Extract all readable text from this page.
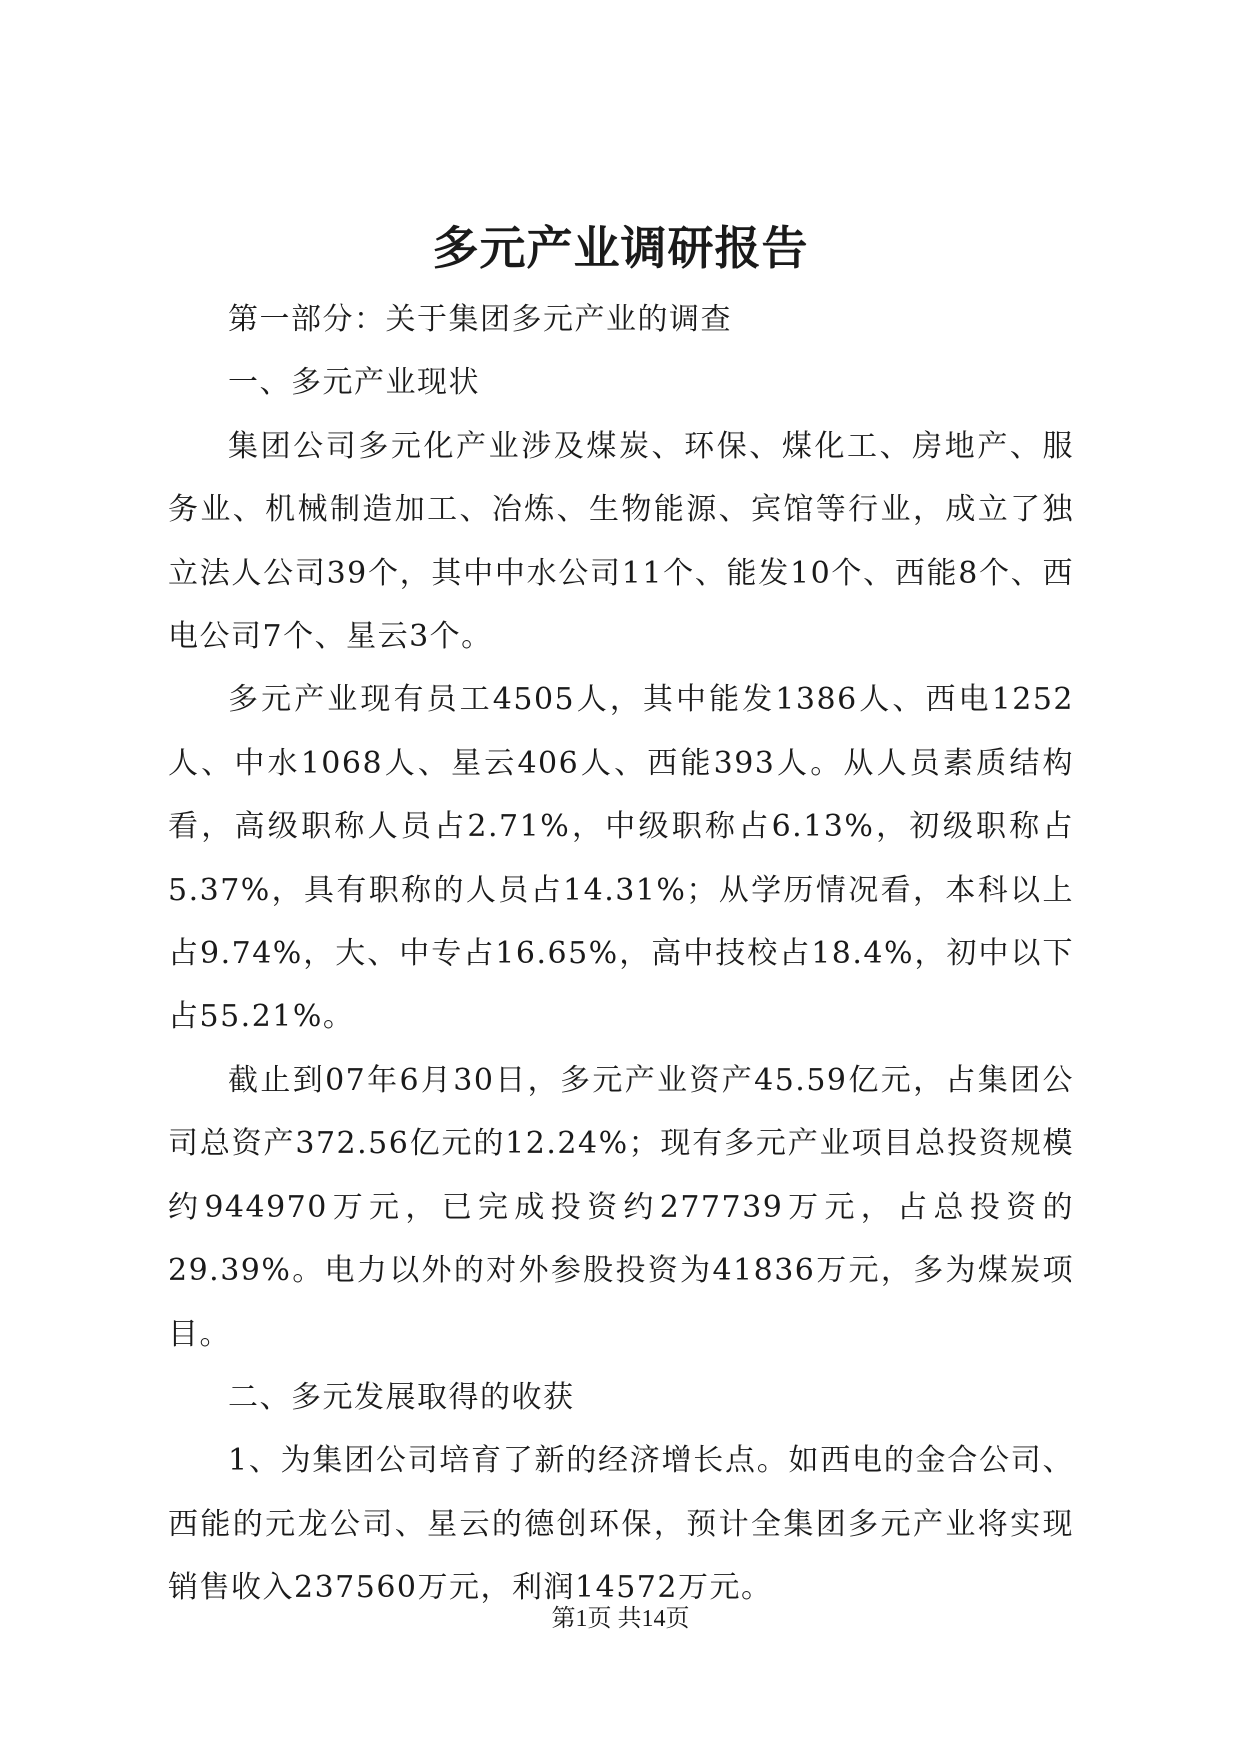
多元产业调研报告

第一部分：关于集团多元产业的调查

一、多元产业现状

集团公司多元化产业涉及煤炭、环保、煤化工、房地产、服务业、机械制造加工、冶炼、生物能源、宾馆等行业，成立了独立法人公司39个，其中中水公司11个、能发10个、西能8个、西电公司7个、星云3个。

多元产业现有员工4505人，其中能发1386人、西电1252人、中水1068人、星云406人、西能393人。从人员素质结构看，高级职称人员占2.71%，中级职称占6.13%，初级职称占5.37%，具有职称的人员占14.31%；从学历情况看，本科以上占9.74%，大、中专占16.65%，高中技校占18.4%，初中以下占55.21%。

截止到07年6月30日，多元产业资产45.59亿元，占集团公司总资产372.56亿元的12.24%；现有多元产业项目总投资规模约944970万元，已完成投资约277739万元，占总投资的29.39%。电力以外的对外参股投资为41836万元，多为煤炭项目。

二、多元发展取得的收获

1、为集团公司培育了新的经济增长点。如西电的金合公司、西能的元龙公司、星云的德创环保，预计全集团多元产业将实现销售收入237560万元，利润14572万元。

第1页 共14页
